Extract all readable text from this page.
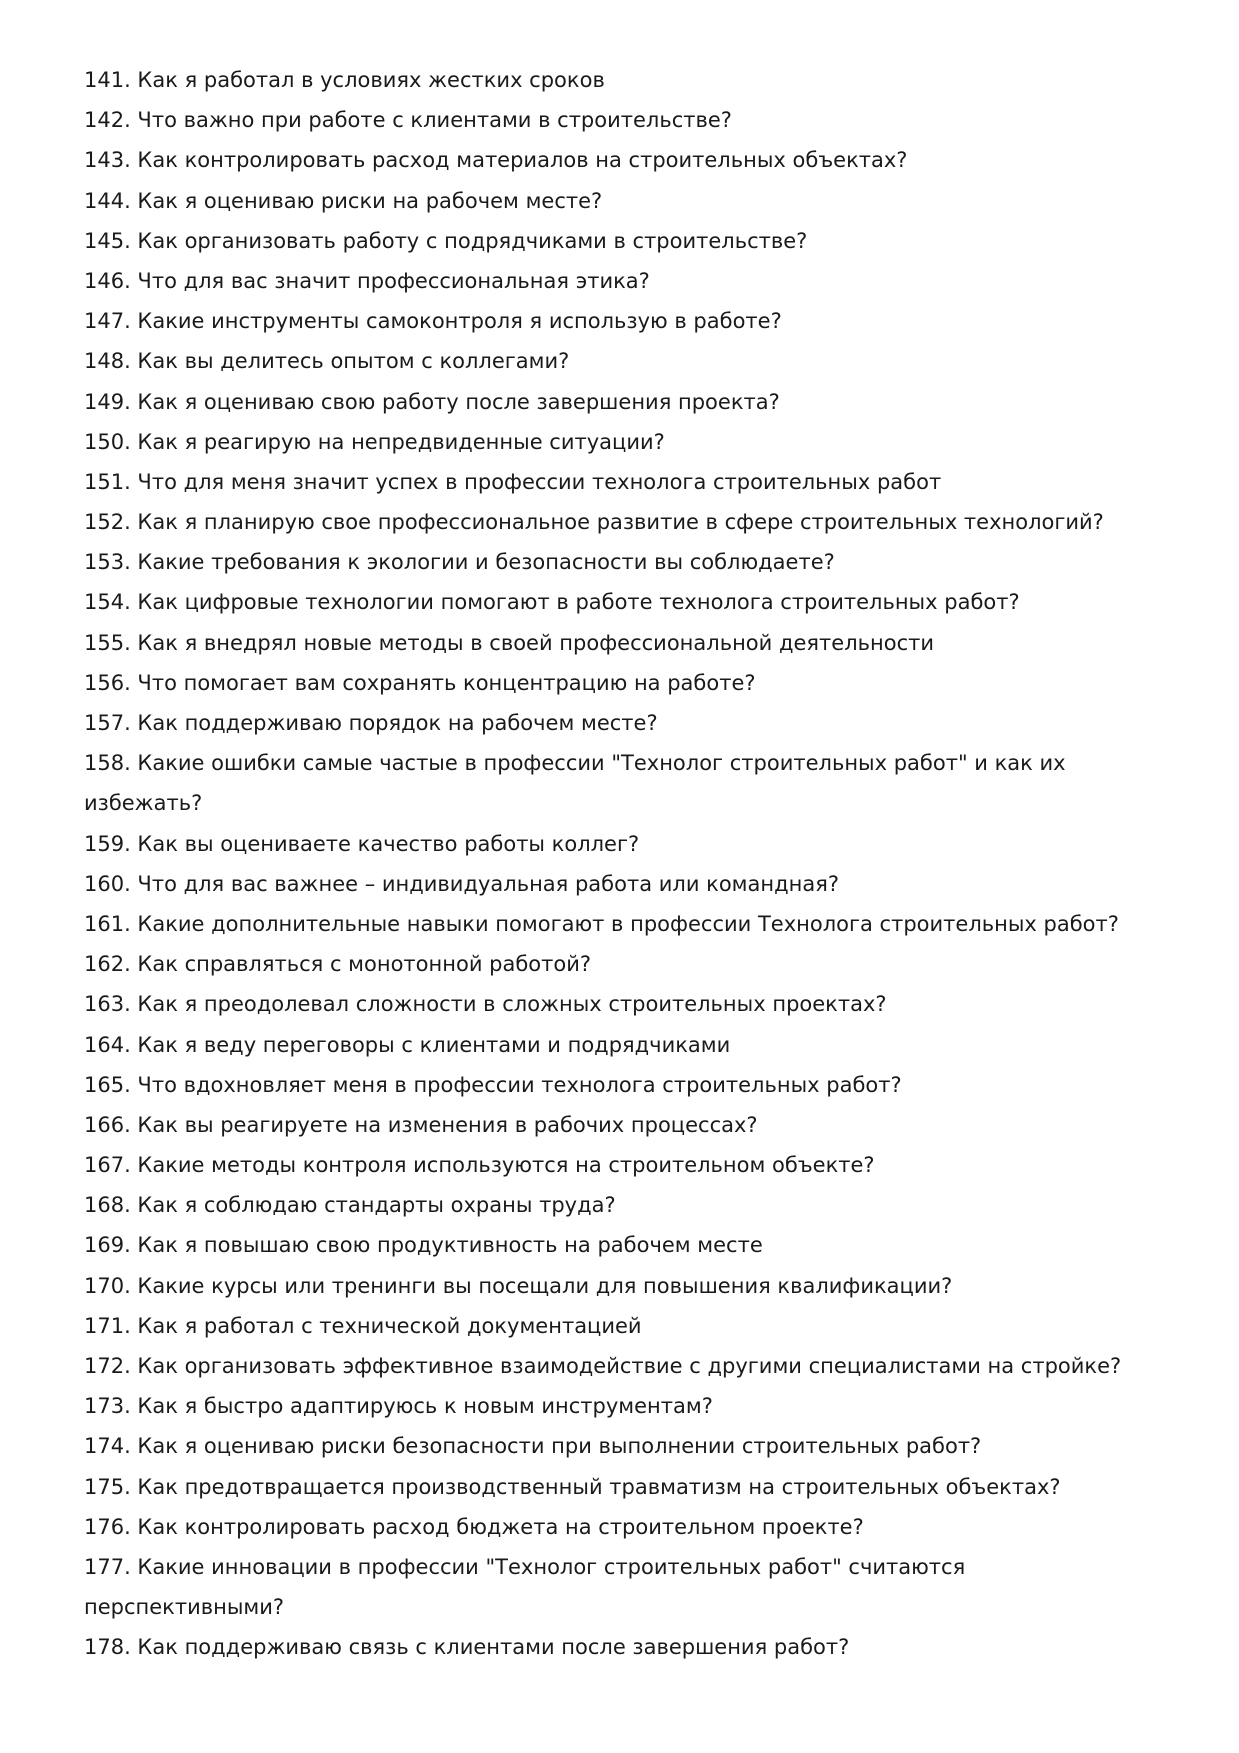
141. Как я работал в условиях жестких сроков
142. Что важно при работе с клиентами в строительстве?
143. Как контролировать расход материалов на строительных объектах?
144. Как я оцениваю риски на рабочем месте?
145. Как организовать работу с подрядчиками в строительстве?
146. Что для вас значит профессиональная этика?
147. Какие инструменты самоконтроля я использую в работе?
148. Как вы делитесь опытом с коллегами?
149. Как я оцениваю свою работу после завершения проекта?
150. Как я реагирую на непредвиденные ситуации?
151. Что для меня значит успех в профессии технолога строительных работ
152. Как я планирую свое профессиональное развитие в сфере строительных технологий?
153. Какие требования к экологии и безопасности вы соблюдаете?
154. Как цифровые технологии помогают в работе технолога строительных работ?
155. Как я внедрял новые методы в своей профессиональной деятельности
156. Что помогает вам сохранять концентрацию на работе?
157. Как поддерживаю порядок на рабочем месте?
158. Какие ошибки самые частые в профессии "Технолог строительных работ" и как их
избежать?
159. Как вы оцениваете качество работы коллег?
160. Что для вас важнее – индивидуальная работа или командная?
161. Какие дополнительные навыки помогают в профессии Технолога строительных работ?
162. Как справляться с монотонной работой?
163. Как я преодолевал сложности в сложных строительных проектах?
164. Как я веду переговоры с клиентами и подрядчиками
165. Что вдохновляет меня в профессии технолога строительных работ?
166. Как вы реагируете на изменения в рабочих процессах?
167. Какие методы контроля используются на строительном объекте?
168. Как я соблюдаю стандарты охраны труда?
169. Как я повышаю свою продуктивность на рабочем месте
170. Какие курсы или тренинги вы посещали для повышения квалификации?
171. Как я работал с технической документацией
172. Как организовать эффективное взаимодействие с другими специалистами на стройке?
173. Как я быстро адаптируюсь к новым инструментам?
174. Как я оцениваю риски безопасности при выполнении строительных работ?
175. Как предотвращается производственный травматизм на строительных объектах?
176. Как контролировать расход бюджета на строительном проекте?
177. Какие инновации в профессии "Технолог строительных работ" считаются
перспективными?
178. Как поддерживаю связь с клиентами после завершения работ?
